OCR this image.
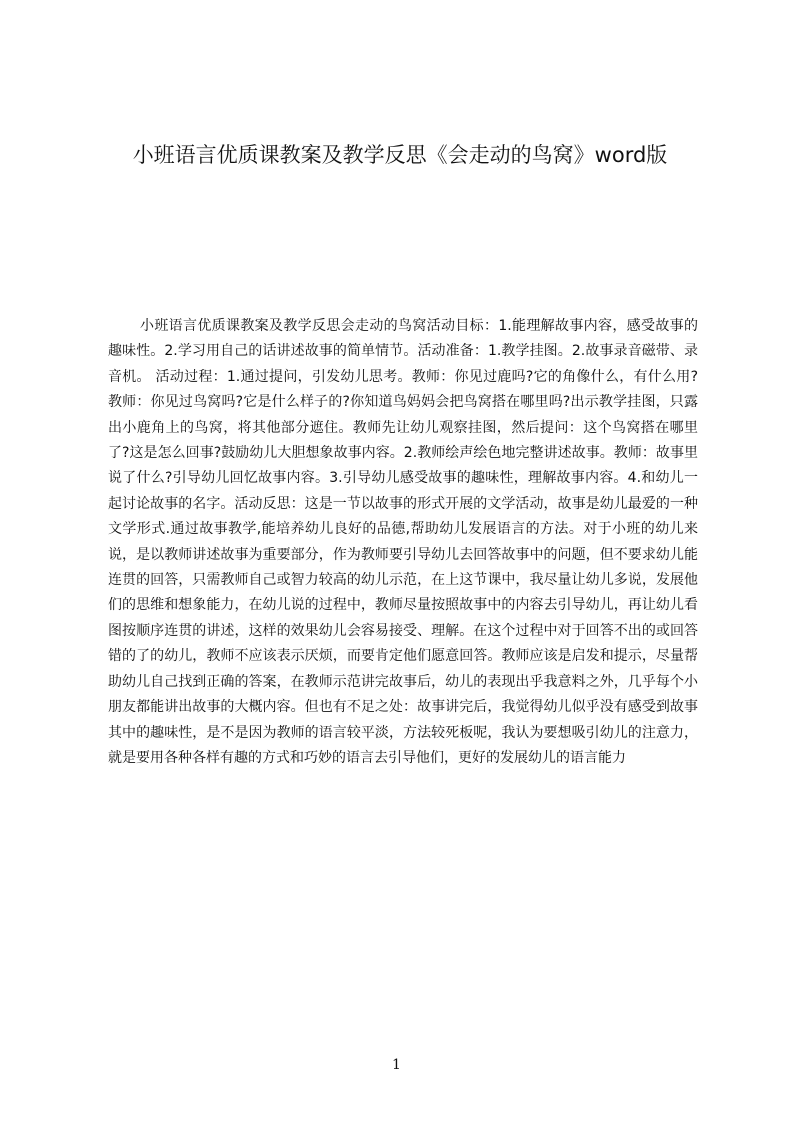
小班语言优质课教案及教学反思《会走动的鸟窝》word版

小班语言优质课教案及教学反思会走动的鸟窝活动目标：1.能理解故事内容，感受故事的趣味性。2.学习用自己的话讲述故事的简单情节。活动准备：1.教学挂图。2.故事录音磁带、录音机。 活动过程：1.通过提问，引发幼儿思考。教师：你见过鹿吗?它的角像什么，有什么用?教师：你见过鸟窝吗?它是什么样子的?你知道鸟妈妈会把鸟窝搭在哪里吗?出示教学挂图，只露出小鹿角上的鸟窝，将其他部分遮住。教师先让幼儿观察挂图，然后提问：这个鸟窝搭在哪里了?这是怎么回事?鼓励幼儿大胆想象故事内容。2.教师绘声绘色地完整讲述故事。教师：故事里说了什么?引导幼儿回忆故事内容。3.引导幼儿感受故事的趣味性，理解故事内容。4.和幼儿一起讨论故事的名字。活动反思：这是一节以故事的形式开展的文学活动，故事是幼儿最爱的一种文学形式.通过故事教学,能培养幼儿良好的品德,帮助幼儿发展语言的方法。对于小班的幼儿来说，是以教师讲述故事为重要部分，作为教师要引导幼儿去回答故事中的问题，但不要求幼儿能连贯的回答，只需教师自己或智力较高的幼儿示范，在上这节课中，我尽量让幼儿多说，发展他们的思维和想象能力，在幼儿说的过程中，教师尽量按照故事中的内容去引导幼儿，再让幼儿看图按顺序连贯的讲述，这样的效果幼儿会容易接受、理解。在这个过程中对于回答不出的或回答错的了的幼儿，教师不应该表示厌烦，而要肯定他们愿意回答。教师应该是启发和提示，尽量帮助幼儿自己找到正确的答案，在教师示范讲完故事后，幼儿的表现出乎我意料之外，几乎每个小朋友都能讲出故事的大概内容。但也有不足之处：故事讲完后，我觉得幼儿似乎没有感受到故事其中的趣味性，是不是因为教师的语言较平淡，方法较死板呢，我认为要想吸引幼儿的注意力，就是要用各种各样有趣的方式和巧妙的语言去引导他们，更好的发展幼儿的语言能力

1
